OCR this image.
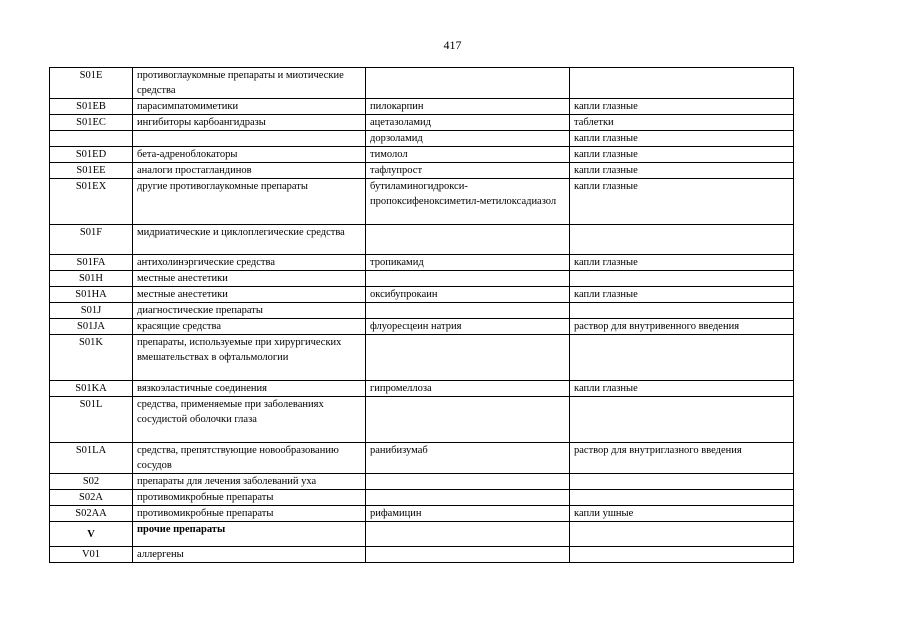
417
S01E	противоглаукомные препараты и миотические средства		
S01EB	парасимпатомиметики	пилокарпин	капли глазные
S01EC	ингибиторы карбоангидразы	ацетазоламид	таблетки
		дорзоламид	капли глазные
S01ED	бета-адреноблокаторы	тимолол	капли глазные
S01EE	аналоги простагландинов	тафлупрост	капли глазные
S01EX	другие противоглаукомные препараты	бутиламиногидрокси-пропоксифеноксиметил-метилоксадиазол	капли глазные
S01F	мидриатические и циклоплегические средства		
S01FA	антихолинэргические средства	тропикамид	капли глазные
S01H	местные анестетики		
S01HA	местные анестетики	оксибупрокаин	капли глазные
S01J	диагностические препараты		
S01JA	красящие средства	флуоресцеин натрия	раствор для внутривенного введения
S01K	препараты, используемые при хирургических вмешательствах в офтальмологии		
S01KA	вязкоэластичные соединения	гипромеллоза	капли глазные
S01L	средства, применяемые при заболеваниях сосудистой оболочки глаза		
S01LA	средства, препятствующие новообразованию сосудов	ранибизумаб	раствор для внутриглазного введения
S02	препараты для лечения заболеваний уха		
S02A	противомикробные препараты		
S02AA	противомикробные препараты	рифамицин	капли ушные
V	прочие препараты		
V01	аллергены		
